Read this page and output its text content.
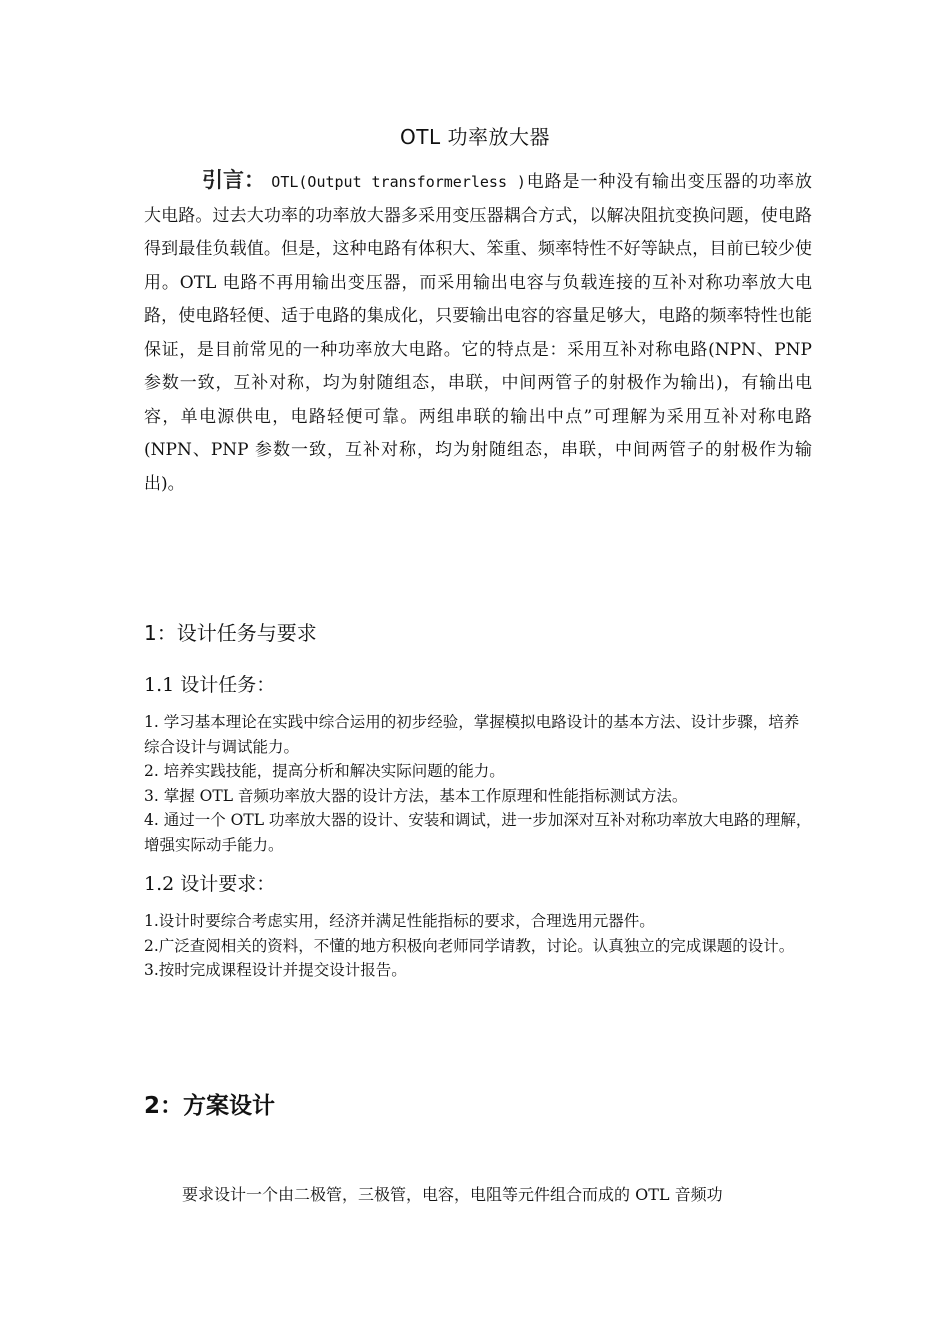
OTL 功率放大器
引言： OTL(Output transformerless )电路是一种没有输出变压器的功率放大电路。过去大功率的功率放大器多采用变压器耦合方式，以解决阻抗变换问题，使电路得到最佳负载值。但是，这种电路有体积大、笨重、频率特性不好等缺点，目前已较少使用。OTL 电路不再用输出变压器，而采用输出电容与负载连接的互补对称功率放大电路，使电路轻便、适于电路的集成化，只要输出电容的容量足够大，电路的频率特性也能保证，是目前常见的一种功率放大电路。它的特点是：采用互补对称电路(NPN、PNP 参数一致，互补对称，均为射随组态，串联，中间两管子的射极作为输出)，有输出电容，单电源供电，电路轻便可靠。两组串联的输出中点”可理解为采用互补对称电路(NPN、PNP 参数一致，互补对称，均为射随组态，串联，中间两管子的射极作为输出)。
1：设计任务与要求
1.1 设计任务：
1. 学习基本理论在实践中综合运用的初步经验，掌握模拟电路设计的基本方法、设计步骤，培养综合设计与调试能力。
2. 培养实践技能，提高分析和解决实际问题的能力。
3. 掌握 OTL 音频功率放大器的设计方法，基本工作原理和性能指标测试方法。
4. 通过一个 OTL 功率放大器的设计、安装和调试，进一步加深对互补对称功率放大电路的理解，增强实际动手能力。
1.2 设计要求：
1.设计时要综合考虑实用，经济并满足性能指标的要求，合理选用元器件。
2.广泛查阅相关的资料，不懂的地方积极向老师同学请教，讨论。认真独立的完成课题的设计。
3.按时完成课程设计并提交设计报告。
2：方案设计
要求设计一个由二极管，三极管，电容，电阻等元件组合而成的 OTL 音频功
